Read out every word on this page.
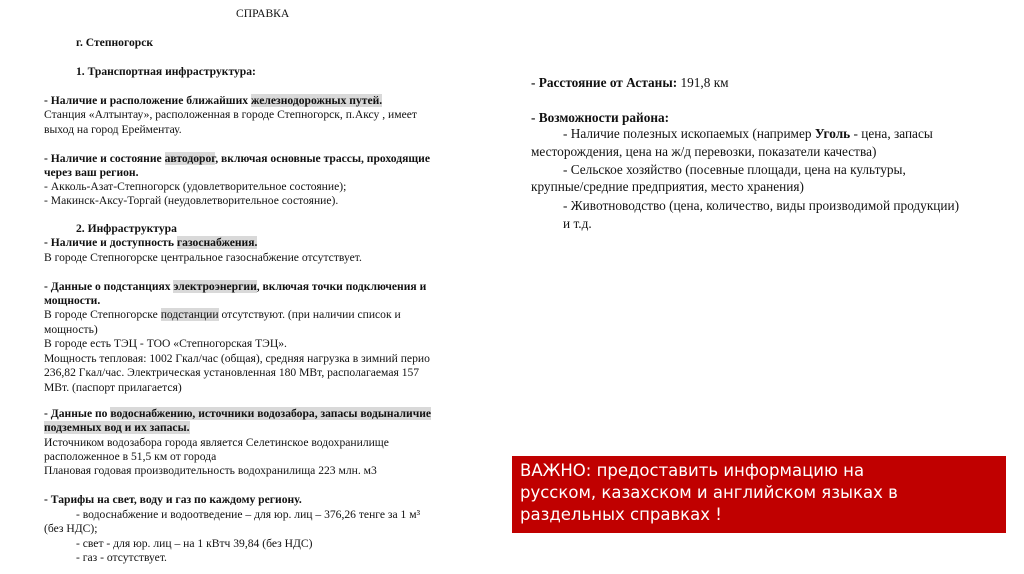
СПРАВКА
г. Степногорск
1. Транспортная инфраструктура:
- Наличие и расположение ближайших железнодорожных путей.
Станция «Алтынтау», расположенная в городе Степногорск, п.Аксу , имеет
выход на город Ерейментау.
- Наличие и состояние автодорог, включая основные трассы, проходящие
через ваш регион.
- Акколь-Азат-Степногорск (удовлетворительное состояние);
- Макинск-Аксу-Торгай (неудовлетворительное состояние).
2. Инфраструктура
- Наличие и доступность газоснабжения.
В городе Степногорске центральное газоснабжение отсутствует.
- Данные о подстанциях электроэнергии, включая точки подключения и
мощности.
В городе Степногорске подстанции отсутствуют. (при наличии список и
мощность)
В городе есть ТЭЦ - ТОО «Степногорская ТЭЦ».
Мощность тепловая: 1002 Гкал/час (общая), средняя нагрузка в зимний перио
236,82 Гкал/час. Электрическая установленная 180 МВт, располагаемая 157
МВт. (паспорт прилагается)
- Данные по водоснабжению, источники водозабора, запасы водыналичие
подземных вод и их запасы.
Источником водозабора города является Селетинское водохранилище
расположенное в 51,5 км от города
Плановая годовая производительность водохранилища 223 млн. м3
- Тарифы на свет, воду и газ по каждому региону.
- водоснабжение и водоотведение – для юр. лиц – 376,26 тенге за 1 м³
(без НДС);
- свет - для юр. лиц – на 1 кВтч 39,84 (без НДС)
- газ - отсутствует.
- Расстояние от Астаны: 191,8 км
- Возможности района:
- Наличие полезных ископаемых (например Уголь - цена, запасы
месторождения, цена на ж/д перевозки, показатели качества)
- Сельское хозяйство (посевные площади, цена на культуры,
крупные/средние предприятия, место хранения)
- Животноводство (цена, количество, виды производимой продукции)
и т.д.
ВАЖНО: предоставить информацию на
русском, казахском и английском языках в
раздельных справках !
